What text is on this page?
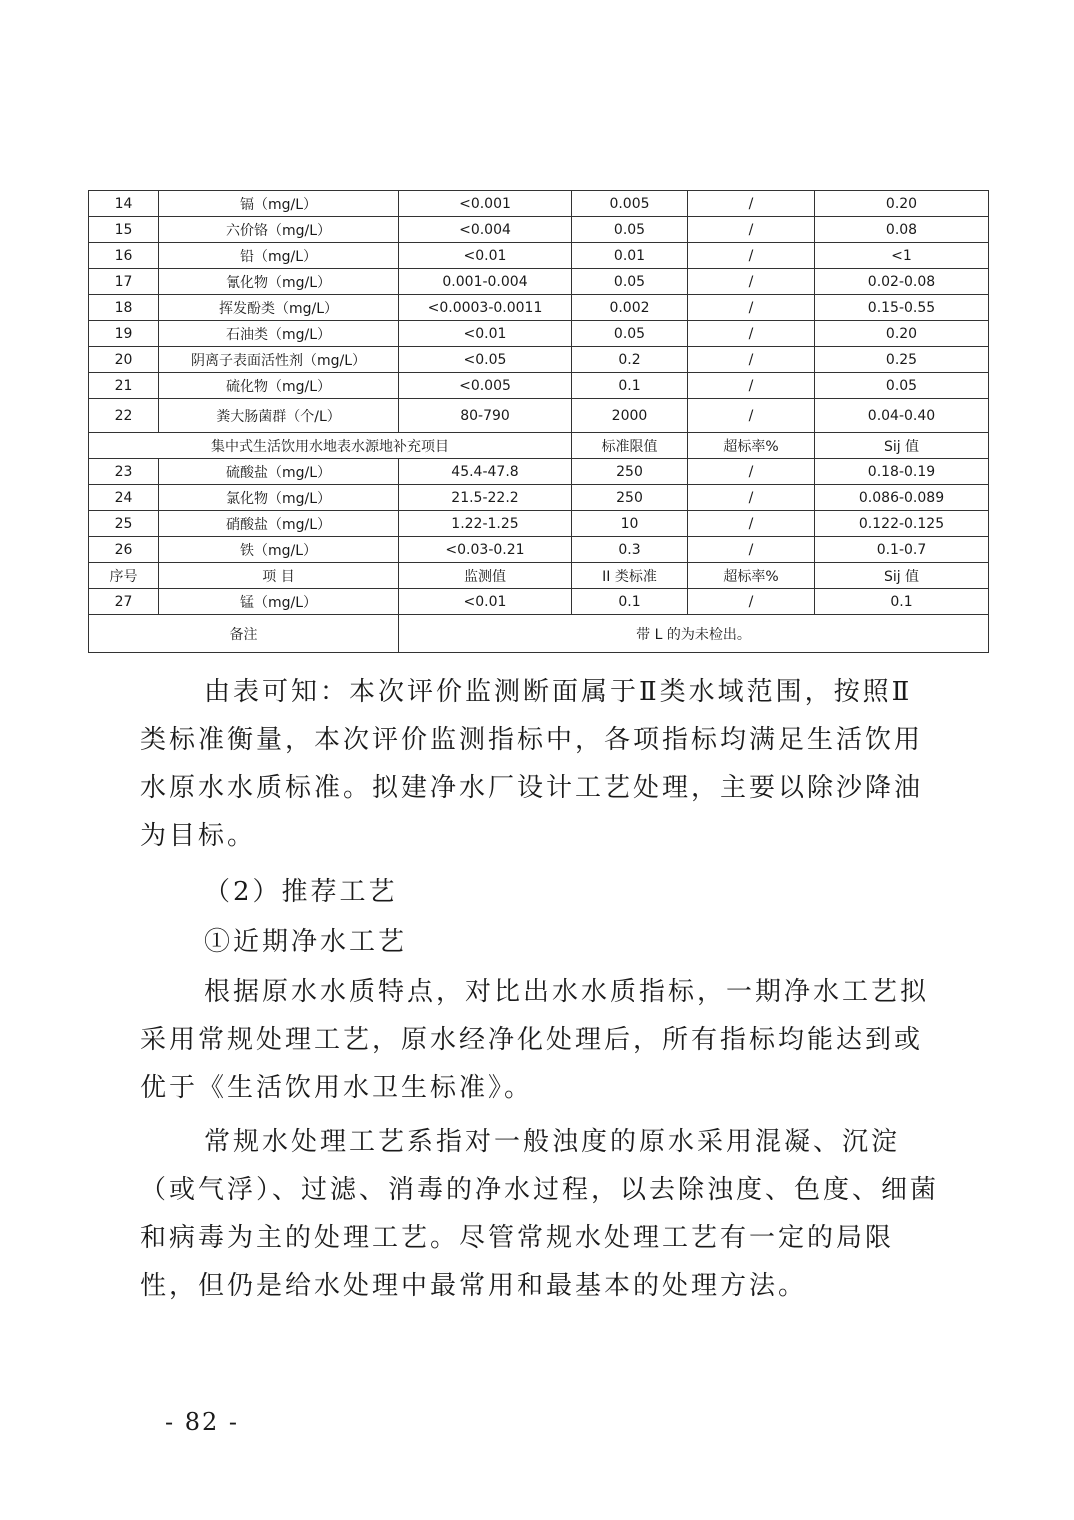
14	镉（mg/L）	<0.001	0.005	/	0.20
15	六价铬（mg/L）	<0.004	0.05	/	0.08
16	铅（mg/L）	<0.01	0.01	/	<1
17	氰化物（mg/L）	0.001-0.004	0.05	/	0.02-0.08
18	挥发酚类（mg/L）	<0.0003-0.0011	0.002	/	0.15-0.55
19	石油类（mg/L）	<0.01	0.05	/	0.20
20	阴离子表面活性剂（mg/L）	<0.05	0.2	/	0.25
21	硫化物（mg/L）	<0.005	0.1	/	0.05
22	粪大肠菌群（个/L）	80-790	2000	/	0.04-0.40
集中式生活饮用水地表水源地补充项目			标准限值	超标率%	Sij 值
23	硫酸盐（mg/L）	45.4-47.8	250	/	0.18-0.19
24	氯化物（mg/L）	21.5-22.2	250	/	0.086-0.089
25	硝酸盐（mg/L）	1.22-1.25	10	/	0.122-0.125
26	铁（mg/L）	<0.03-0.21	0.3	/	0.1-0.7
序号	项 目	监测值	II 类标准	超标率%	Sij 值
27	锰（mg/L）	<0.01	0.1	/	0.1
备注		带 L 的为未检出。			

由表可知：本次评价监测断面属于Ⅱ类水域范围，按照Ⅱ类标准衡量，本次评价监测指标中，各项指标均满足生活饮用水原水水质标准。拟建净水厂设计工艺处理，主要以除沙降油为目标。

（2）推荐工艺

①近期净水工艺

根据原水水质特点，对比出水水质指标，一期净水工艺拟采用常规处理工艺，原水经净化处理后，所有指标均能达到或优于《生活饮用水卫生标准》。

常规水处理工艺系指对一般浊度的原水采用混凝、沉淀（或气浮）、过滤、消毒的净水过程，以去除浊度、色度、细菌和病毒为主的处理工艺。尽管常规水处理工艺有一定的局限性，但仍是给水处理中最常用和最基本的处理方法。

- 82 -
